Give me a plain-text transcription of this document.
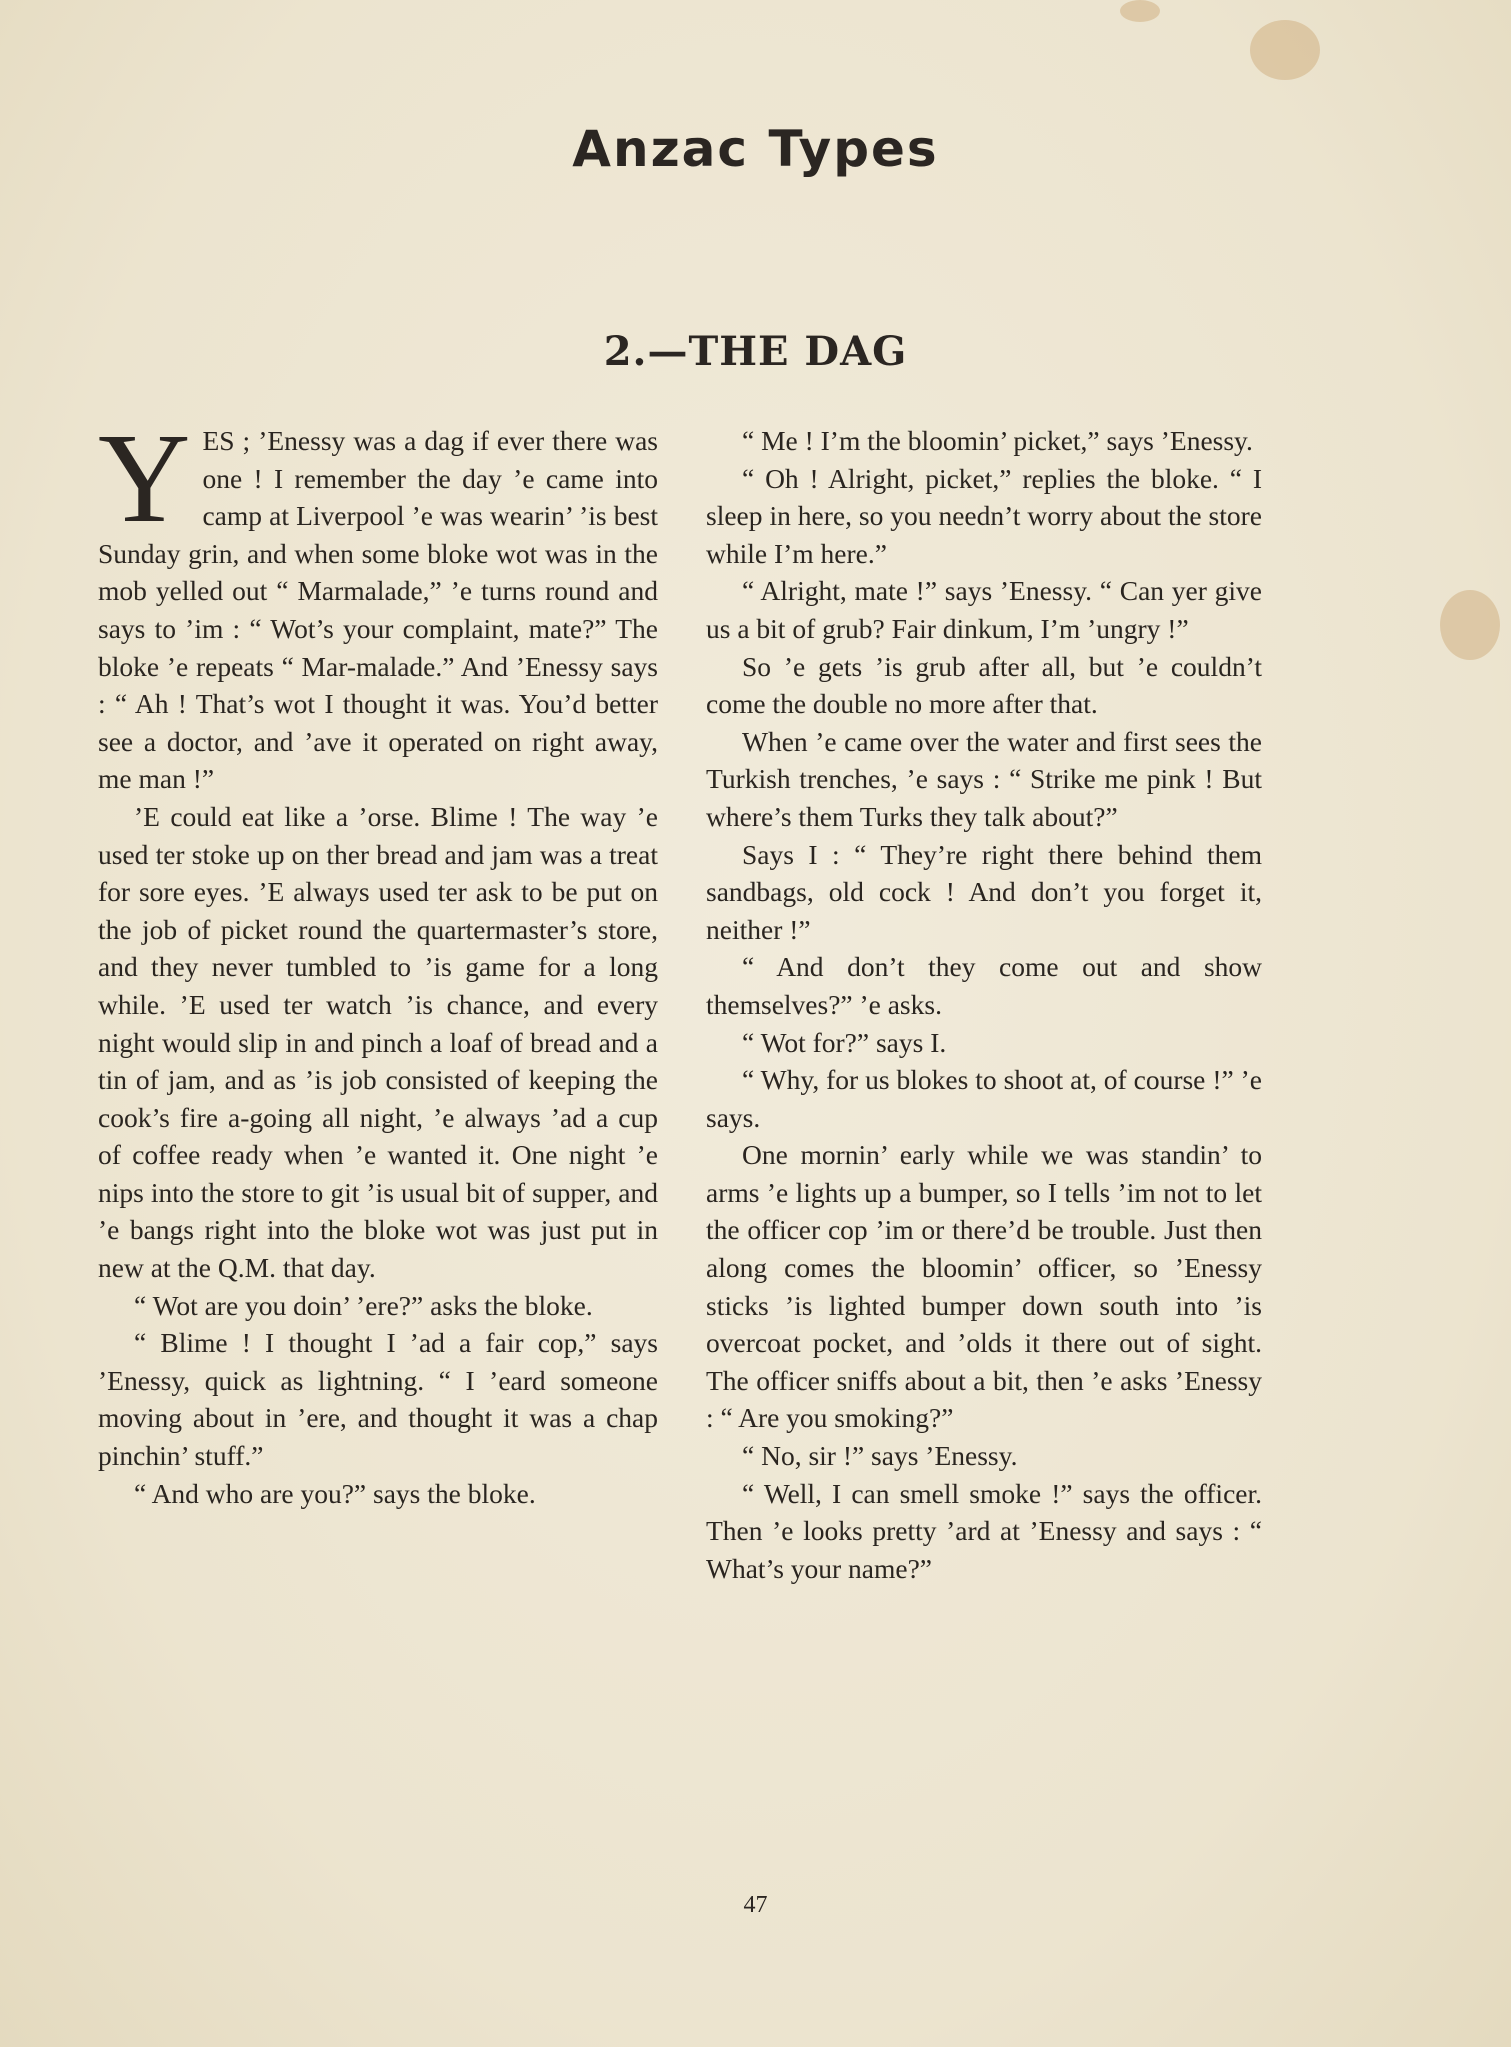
Anzac Types
2.—THE DAG

YES ; ’Enessy was a dag if ever there was one ! I remember the day ’e came into camp at Liverpool ’e was wearin’ ’is best Sunday grin, and when some bloke wot was in the mob yelled out “ Marmalade,” ’e turns round and says to ’im : “ Wot’s your complaint, mate?” The bloke ’e repeats “ Mar-malade.” And ’Enessy says : “ Ah ! That’s wot I thought it was. You’d better see a doctor, and ’ave it operated on right away, me man !”

’E could eat like a ’orse. Blime ! The way ’e used ter stoke up on ther bread and jam was a treat for sore eyes. ’E always used ter ask to be put on the job of picket round the quartermaster’s store, and they never tumbled to ’is game for a long while. ’E used ter watch ’is chance, and every night would slip in and pinch a loaf of bread and a tin of jam, and as ’is job consisted of keeping the cook’s fire a-going all night, ’e always ’ad a cup of coffee ready when ’e wanted it. One night ’e nips into the store to git ’is usual bit of supper, and ’e bangs right into the bloke wot was just put in new at the Q.M. that day.

“ Wot are you doin’ ’ere?” asks the bloke.

“ Blime ! I thought I ’ad a fair cop,” says ’Enessy, quick as lightning. “ I ’eard someone moving about in ’ere, and thought it was a chap pinchin’ stuff.”

“ And who are you?” says the bloke.

“ Me ! I’m the bloomin’ picket,” says ’Enessy.

“ Oh ! Alright, picket,” replies the bloke. “ I sleep in here, so you needn’t worry about the store while I’m here.”

“ Alright, mate !” says ’Enessy. “ Can yer give us a bit of grub? Fair dinkum, I’m ’ungry !”

So ’e gets ’is grub after all, but ’e couldn’t come the double no more after that.

When ’e came over the water and first sees the Turkish trenches, ’e says : “ Strike me pink ! But where’s them Turks they talk about?”

Says I : “ They’re right there behind them sandbags, old cock ! And don’t you forget it, neither !”

“ And don’t they come out and show themselves?” ’e asks.

“ Wot for?” says I.

“ Why, for us blokes to shoot at, of course !” ’e says.

One mornin’ early while we was standin’ to arms ’e lights up a bumper, so I tells ’im not to let the officer cop ’im or there’d be trouble. Just then along comes the bloomin’ officer, so ’Enessy sticks ’is lighted bumper down south into ’is overcoat pocket, and ’olds it there out of sight. The officer sniffs about a bit, then ’e asks ’Enessy : “ Are you smoking?”

“ No, sir !” says ’Enessy.

“ Well, I can smell smoke !” says the officer. Then ’e looks pretty ’ard at ’Enessy and says : “ What’s your name?”

47
